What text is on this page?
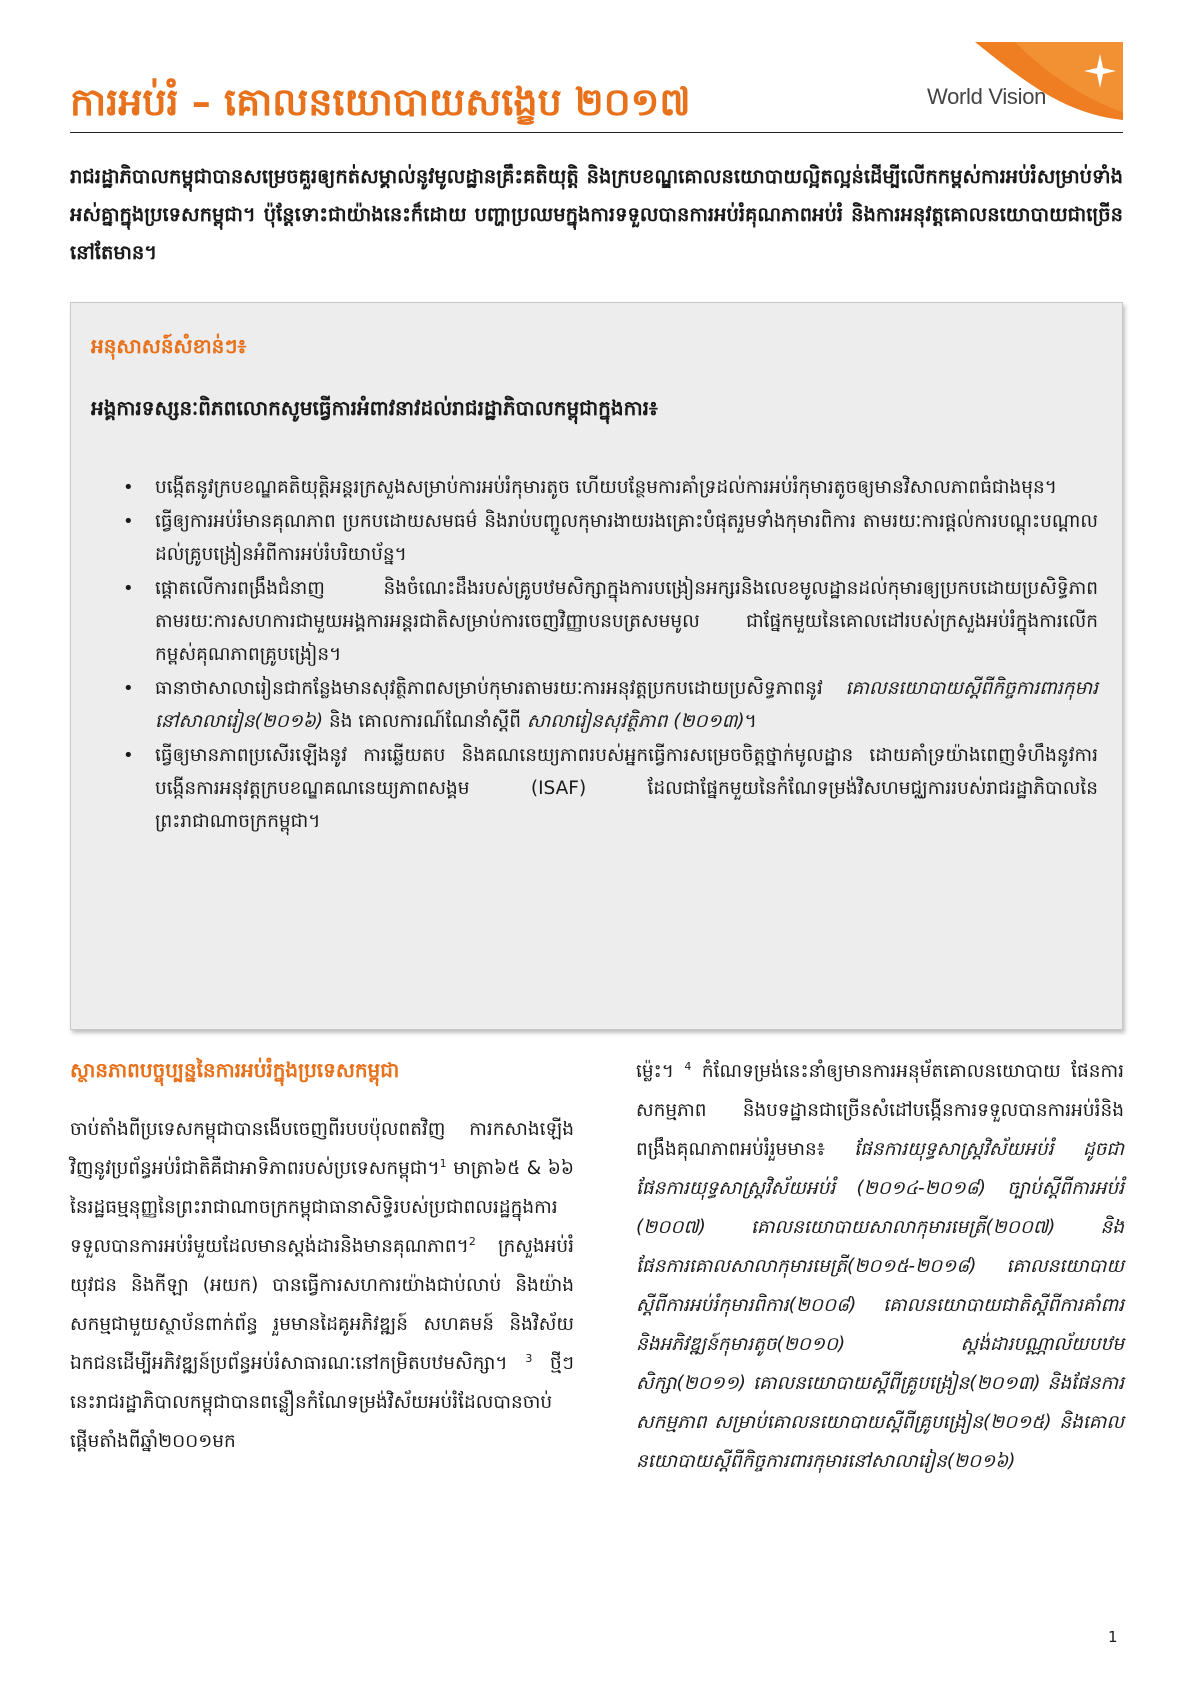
ការអប់រំ – គោលនយោបាយសង្ខេប ២០១៧	World Vision
រាជរដ្ឋាភិបាលកម្ពុជាបានសម្រេចគួរឲ្យកត់សម្គាល់នូវមូលដ្ឋានគ្រឹះគតិយុត្តិ និងក្របខណ្ឌគោលនយោបាយល្អិតល្អន់ដើម្បីលើកកម្ពស់ការអប់រំសម្រាប់ទាំងអស់គ្នាក្នុងប្រទេសកម្ពុជា។ ប៉ុន្តែទោះជាយ៉ាងនេះក៏ដោយ បញ្ហាប្រឈមក្នុងការទទួលបានការអប់រំគុណភាពអប់រំ និងការអនុវត្តគោលនយោបាយជាច្រើននៅតែមាន។
អនុសាសន៍សំខាន់ៗ៖
អង្គការទស្សនៈពិភពលោកសូមធ្វើការអំពាវនាវដល់រាជរដ្ឋាភិបាលកម្ពុជាក្នុងការ៖
• បង្កើតនូវក្របខណ្ឌគតិយុត្តិអន្តរក្រសួងសម្រាប់ការអប់រំកុមារតូច ហើយបន្ថែមការគាំទ្រដល់ការអប់រំកុមារតូចឲ្យមានវិសាលភាពធំជាងមុន។
• ធ្វើឲ្យការអប់រំមានគុណភាព ប្រកបដោយសមធម៌ និងរាប់បញ្ចូលកុមារងាយរងគ្រោះបំផុតរួមទាំងកុមារពិការ តាមរយៈការផ្តល់ការបណ្តុះបណ្តាលដល់គ្រូបង្រៀនអំពីការអប់រំបរិយាប័ន្ន។
• ផ្តោតលើការពង្រឹងជំនាញ និងចំណេះដឹងរបស់គ្រូបឋមសិក្សាក្នុងការបង្រៀនអក្សរនិងលេខមូលដ្ឋានដល់កុមារឲ្យប្រកបដោយប្រសិទ្ធិភាពតាមរយៈការសហការជាមួយអង្គការអន្តរជាតិសម្រាប់ការចេញវិញ្ញាបនបត្រសមមូល ជាផ្នែកមួយនៃគោលដៅរបស់ក្រសួងអប់រំក្នុងការលើកកម្ពស់គុណភាពគ្រូបង្រៀន។
• ធានាថាសាលារៀនជាកន្លែងមានសុវត្ថិភាពសម្រាប់កុមារតាមរយៈការអនុវត្តប្រកបដោយប្រសិទ្ធភាពនូវ គោលនយោបាយស្តីពីកិច្ចការពារកុមារនៅសាលារៀន(២០១៦) និង គោលការណ៍ណែនាំស្តីពី សាលារៀនសុវត្ថិភាព (២០១៣)។
• ធ្វើឲ្យមានភាពប្រសើរឡើងនូវ ការឆ្លើយតប និងគណនេយ្យភាពរបស់អ្នកធ្វើការសម្រេចចិត្តថ្នាក់មូលដ្ឋាន ដោយគាំទ្រយ៉ាងពេញទំហឹងនូវការបង្កើនការអនុវត្តក្របខណ្ឌគណនេយ្យភាពសង្គម (ISAF) ដែលជាផ្នែកមួយនៃកំណែទម្រង់វិសហមជ្ឈការរបស់រាជរដ្ឋាភិបាលនៃព្រះរាជាណាចក្រកម្ពុជា។
ស្ថានភាពបច្ចុប្បន្ននៃការអប់រំក្នុងប្រទេសកម្ពុជា
ចាប់តាំងពីប្រទេសកម្ពុជាបានងើបចេញពីរបបប៉ុលពតវិញ ការកសាងឡើងវិញនូវប្រព័ន្ធអប់រំជាតិគឺជាអាទិភាពរបស់ប្រទេសកម្ពុជា។$^1$ មាត្រា៦៥ & ៦៦ នៃរដ្ឋធម្មនុញ្ញនៃព្រះរាជាណាចក្រកម្ពុជាធានាសិទ្ធិរបស់ប្រជាពលរដ្ឋក្នុងការទទួលបានការអប់រំមួយដែលមានស្តង់ដារនិងមានគុណភាព។$^2$ ក្រសួងអប់រំ យុវជន និងកីឡា (អយក) បានធ្វើការសហការយ៉ាងជាប់លាប់ និងយ៉ាងសកម្មជាមួយស្ថាប័នពាក់ព័ន្ធ រួមមានដៃគូអភិវឌ្ឍន៍ សហគមន៍ និងវិស័យឯកជនដើម្បីអភិវឌ្ឍន៍ប្រព័ន្ធអប់រំសាធារណៈនៅកម្រិតបឋមសិក្សា។ $^3$ ថ្មីៗនេះរាជរដ្ឋាភិបាលកម្ពុជាបានពន្លឿនកំណែទម្រង់វិស័យអប់រំដែលបានចាប់ផ្តើមតាំងពីឆ្នាំ២០០១មក
ម្ល៉េះ។ $^4$ កំណែទម្រង់នេះនាំឲ្យមានការអនុម័តគោលនយោបាយ ផែនការសកម្មភាព និងបទដ្ឋានជាច្រើនសំដៅបង្កើនការទទួលបានការអប់រំនិងពង្រឹងគុណភាពអប់រំរួមមាន៖ ផែនការយុទ្ធសាស្ត្រវិស័យអប់រំ ដូចជា ផែនការយុទ្ធសាស្ត្រវិស័យអប់រំ (២០១៤-២០១៨) ច្បាប់ស្តីពីការអប់រំ (២០០៧) គោលនយោបាយសាលាកុមារមេត្រី(២០០៧) និង ផែនការគោលសាលាកុមារមេត្រី(២០១៥-២០១៨) គោលនយោបាយស្តីពីការអប់រំកុមារពិការ(២០០៨) គោលនយោបាយជាតិស្តីពីការគាំពារ និងអភិវឌ្ឍន៍កុមារតូច(២០១០) ស្តង់ដារបណ្ណាល័យបឋមសិក្សា(២០១១) គោលនយោបាយស្តីពីគ្រូបង្រៀន(២០១៣) និងផែនការសកម្មភាព សម្រាប់គោលនយោបាយស្តីពីគ្រូបង្រៀន(២០១៥) និងគោលនយោបាយស្តីពីកិច្ចការពារកុមារនៅសាលារៀន(២០១៦)
1
